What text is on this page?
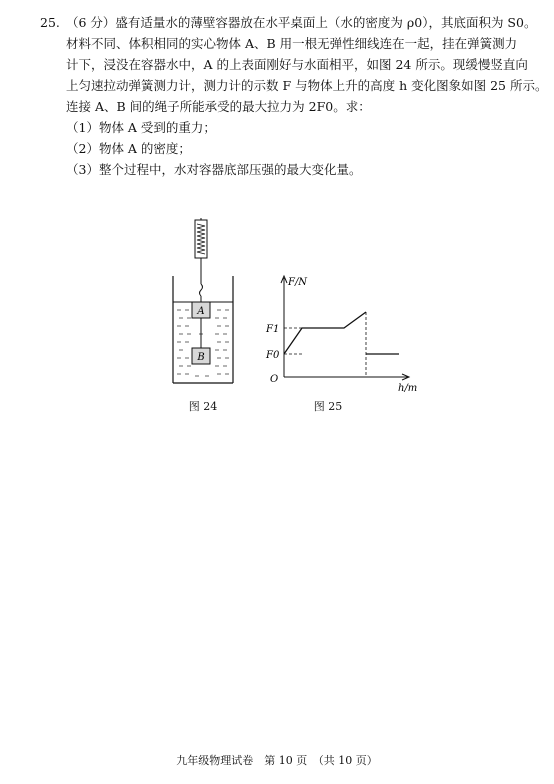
25. （6 分）盛有适量水的薄壁容器放在水平桌面上（水的密度为 ρ0），其底面积为 S0。
材料不同、体积相同的实心物体 A、B 用一根无弹性细线连在一起，挂在弹簧测力
计下，浸没在容器水中，A 的上表面刚好与水面相平，如图 24 所示。现缓慢竖直向
上匀速拉动弹簧测力计，测力计的示数 F 与物体上升的高度 h 变化图象如图 25 所示。
连接 A、B 间的绳子所能承受的最大拉力为 2F0。求：
（1）物体 A 受到的重力；
（2）物体 A 的密度；
（3）整个过程中，水对容器底部压强的最大变化量。
A
B
图 24
F/N
h/m
F1
F0
O
图 25
九年级物理试卷　第 10 页　（共 10 页）
